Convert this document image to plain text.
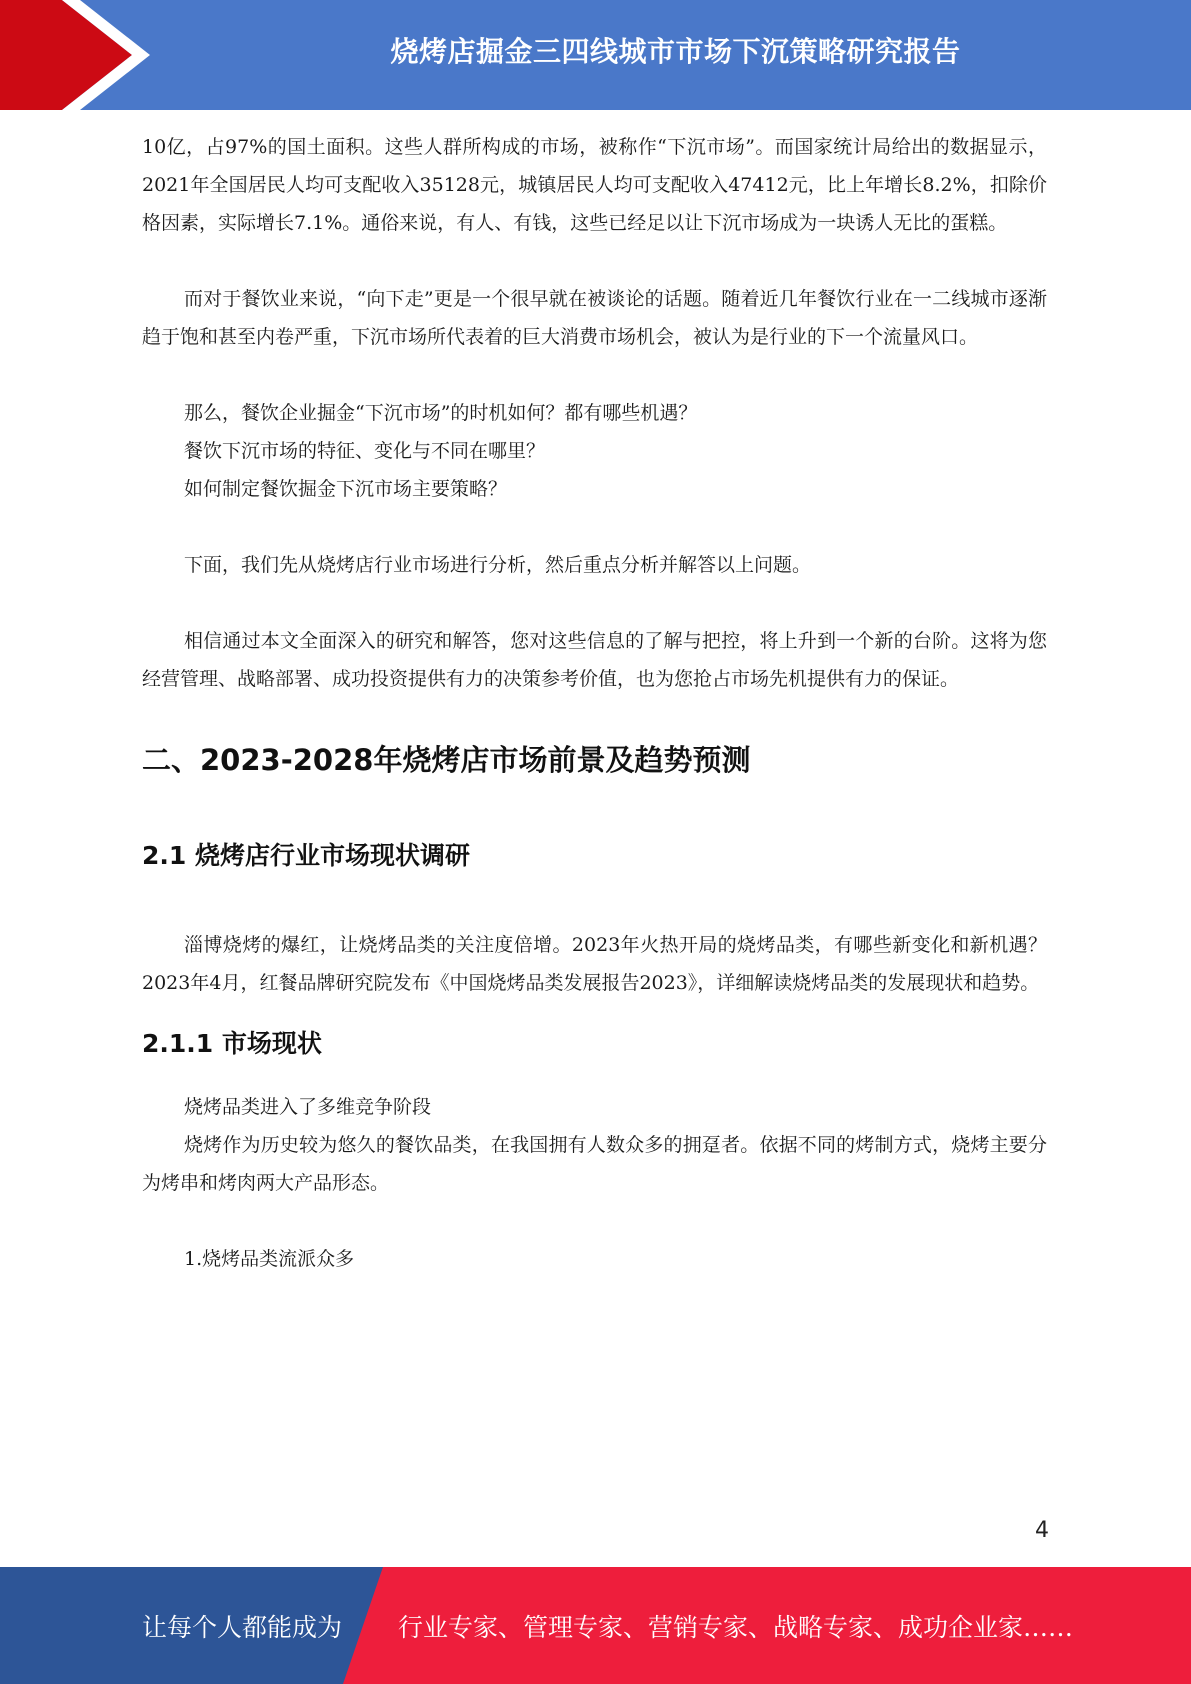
烧烤店掘金三四线城市市场下沉策略研究报告

10亿，占97%的国土面积。这些人群所构成的市场，被称作“下沉市场”。而国家统计局给出的数据显示，2021年全国居民人均可支配收入35128元，城镇居民人均可支配收入47412元，比上年增长8.2%，扣除价格因素，实际增长7.1%。通俗来说，有人、有钱，这些已经足以让下沉市场成为一块诱人无比的蛋糕。

而对于餐饮业来说，“向下走”更是一个很早就在被谈论的话题。随着近几年餐饮行业在一二线城市逐渐趋于饱和甚至内卷严重，下沉市场所代表着的巨大消费市场机会，被认为是行业的下一个流量风口。

那么，餐饮企业掘金“下沉市场”的时机如何？都有哪些机遇？

餐饮下沉市场的特征、变化与不同在哪里？

如何制定餐饮掘金下沉市场主要策略？

下面，我们先从烧烤店行业市场进行分析，然后重点分析并解答以上问题。

相信通过本文全面深入的研究和解答，您对这些信息的了解与把控，将上升到一个新的台阶。这将为您经营管理、战略部署、成功投资提供有力的决策参考价值，也为您抢占市场先机提供有力的保证。

二、2023-2028年烧烤店市场前景及趋势预测
2.1 烧烤店行业市场现状调研

淄博烧烤的爆红，让烧烤品类的关注度倍增。2023年火热开局的烧烤品类，有哪些新变化和新机遇？2023年4月，红餐品牌研究院发布《中国烧烤品类发展报告2023》，详细解读烧烤品类的发展现状和趋势。

2.1.1 市场现状

烧烤品类进入了多维竞争阶段

烧烤作为历史较为悠久的餐饮品类，在我国拥有人数众多的拥趸者。依据不同的烤制方式，烧烤主要分为烤串和烤肉两大产品形态。

1.烧烤品类流派众多

4
让每个人都能成为 行业专家、管理专家、营销专家、战略专家、成功企业家……
